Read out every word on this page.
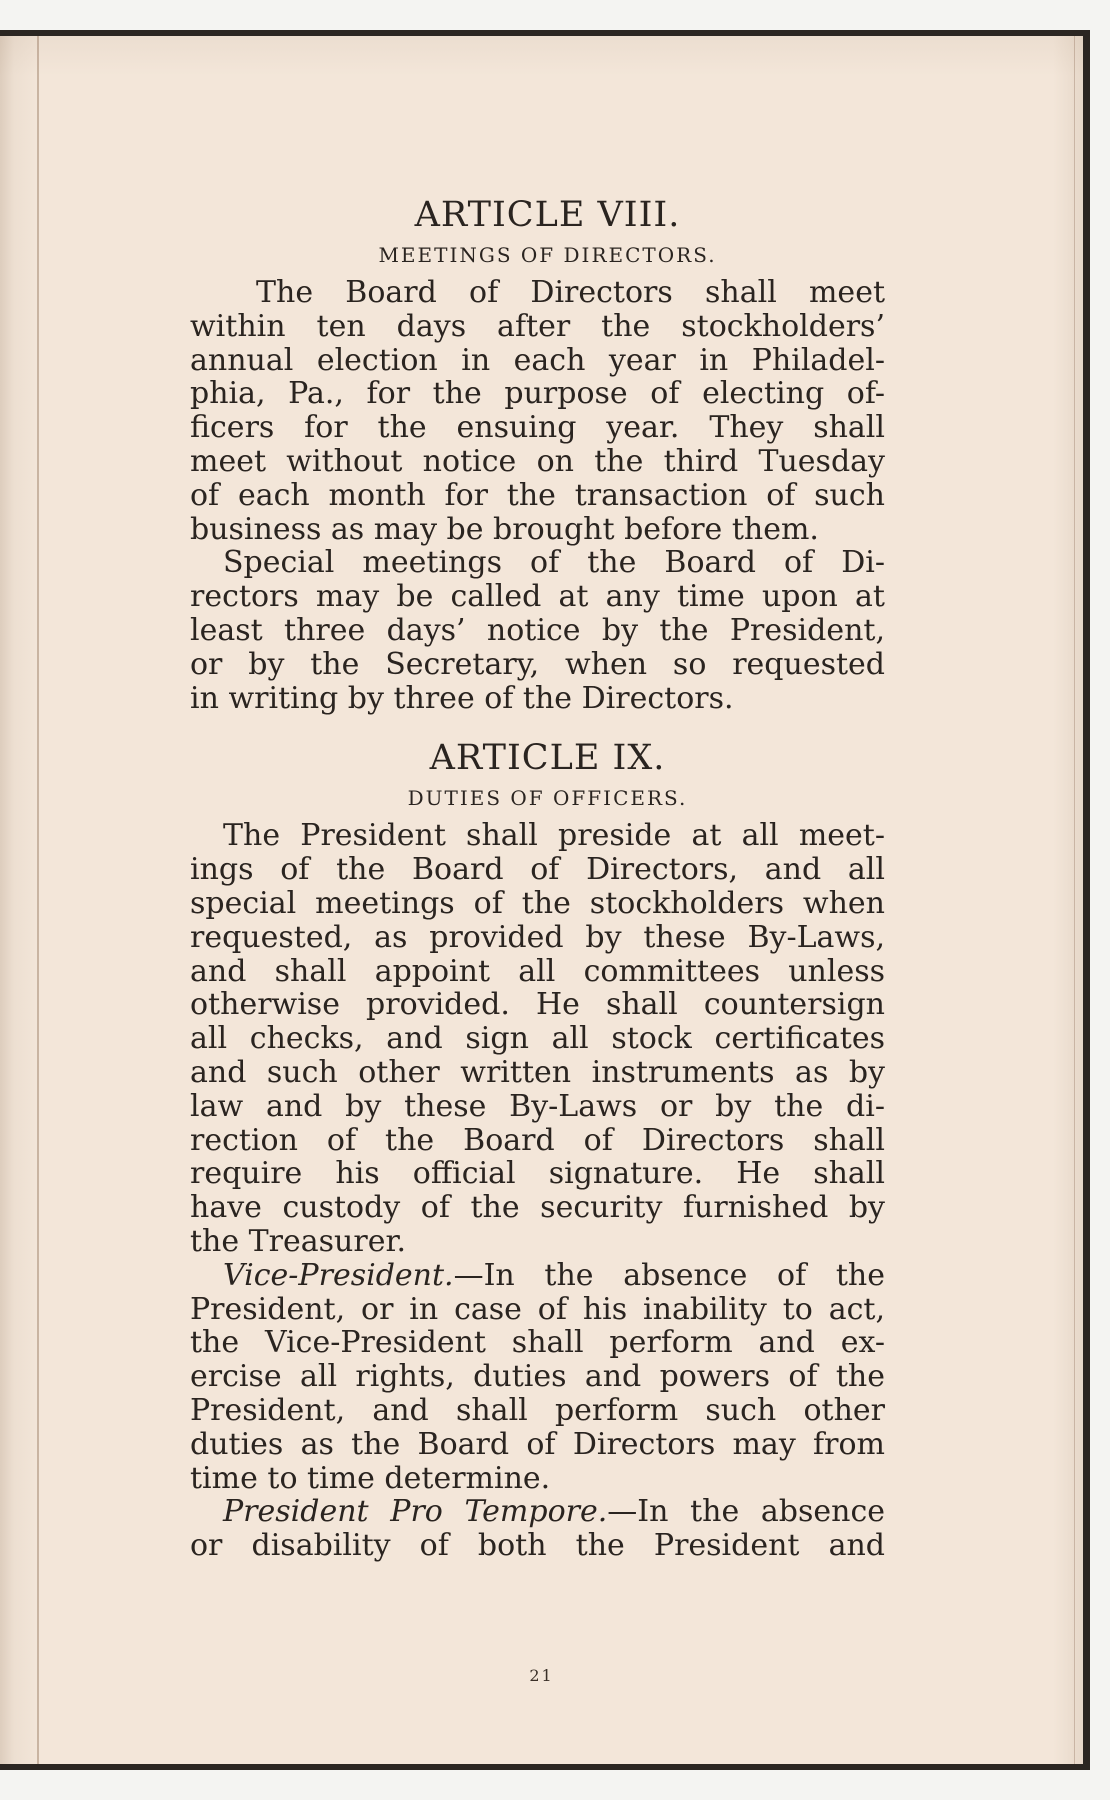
ARTICLE VIII.
MEETINGS OF DIRECTORS.

The Board of Directors shall meet
within ten days after the stockholders’
annual election in each year in Philadel-
phia, Pa., for the purpose of electing of-
ficers for the ensuing year. They shall
meet without notice on the third Tuesday
of each month for the transaction of such
business as may be brought before them.

Special meetings of the Board of Di-
rectors may be called at any time upon at
least three days’ notice by the President,
or by the Secretary, when so requested
in writing by three of the Directors.

ARTICLE IX.
DUTIES OF OFFICERS.

The President shall preside at all meet-
ings of the Board of Directors, and all
special meetings of the stockholders when
requested, as provided by these By-Laws,
and shall appoint all committees unless
otherwise provided. He shall countersign
all checks, and sign all stock certificates
and such other written instruments as by
law and by these By-Laws or by the di-
rection of the Board of Directors shall
require his official signature. He shall
have custody of the security furnished by
the Treasurer.

Vice-President.—In the absence of the
President, or in case of his inability to act,
the Vice-President shall perform and ex-
ercise all rights, duties and powers of the
President, and shall perform such other
duties as the Board of Directors may from
time to time determine.

President Pro Tempore.—In the absence
or disability of both the President and

21
